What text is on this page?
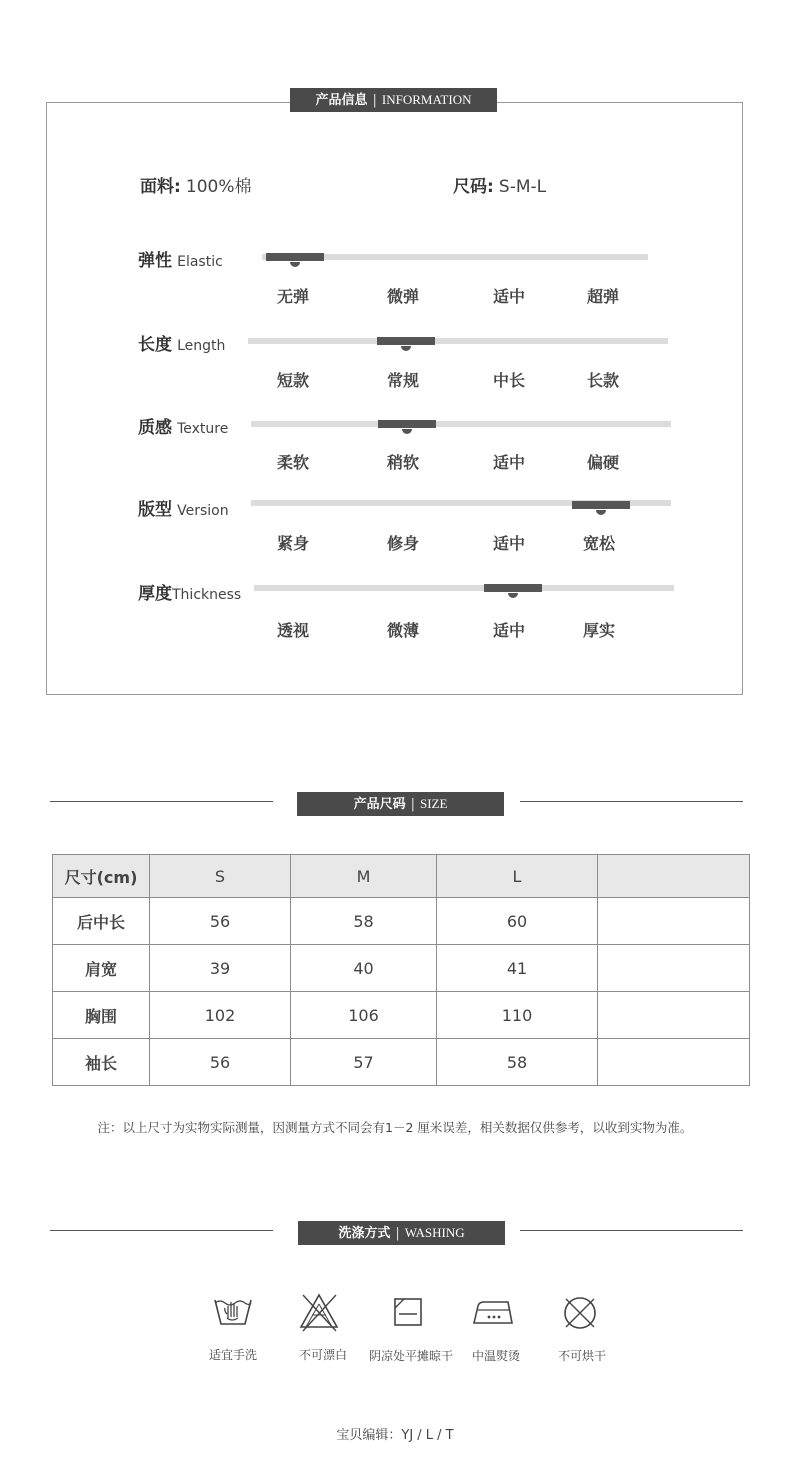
产品信息 | INFORMATION
面料: 100%棉	尺码: S-M-L
弹性 Elastic
无弹	微弹	适中	超弹
长度 Length
短款	常规	中长	长款
质感 Texture
柔软	稍软	适中	偏硬
版型 Version
紧身	修身	适中	宽松
厚度Thickness
透视	微薄	适中	厚实
产品尺码 | SIZE
尺寸(cm)	S	M	L	
后中长	56	58	60	
肩宽	39	40	41	
胸围	102	106	110	
袖长	56	57	58	
注：以上尺寸为实物实际测量，因测量方式不同会有1－2 厘米误差，相关数据仅供参考，以收到实物为准。
洗涤方式 | WASHING
适宜手洗	不可漂白	阴凉处平摊晾干	中温熨烫	不可烘干
宝贝编辑：YJ / L / T
